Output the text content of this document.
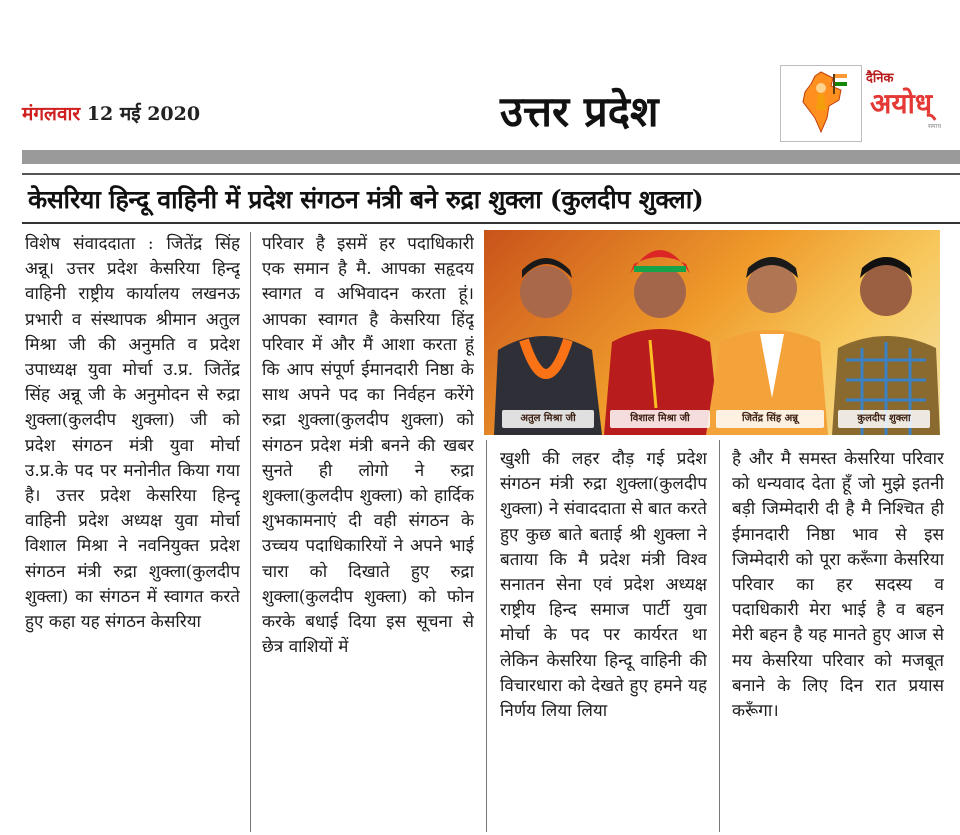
मंगलवार 12 मई 2020	उत्तर प्रदेश
दैनिक
अयोध्
समाच
केसरिया हिन्दू वाहिनी में प्रदेश संगठन मंत्री बने रुद्रा शुक्ला (कुलदीप शुक्ला)
अतुल मिश्रा जी	विशाल मिश्रा जी	जितेंद्र सिंह अन्नू	कुलदीप शुक्ला

विशेष संवाददाता : जितेंद्र सिंह अन्नू। उत्तर प्रदेश केसरिया हिन्दू वाहिनी राष्ट्रीय कार्यालय लखनऊ प्रभारी व संस्थापक श्रीमान अतुल मिश्रा जी की अनुमति व प्रदेश उपाध्यक्ष युवा मोर्चा उ.प्र. जितेंद्र सिंह अन्नू जी के अनुमोदन से रुद्रा शुक्ला(कुलदीप शुक्ला) जी को प्रदेश संगठन मंत्री युवा मोर्चा उ.प्र.के पद पर मनोनीत किया गया है। उत्तर प्रदेश केसरिया हिन्दू वाहिनी प्रदेश अध्यक्ष युवा मोर्चा विशाल मिश्रा ने नवनियुक्त प्रदेश संगठन मंत्री रुद्रा शुक्ला(कुलदीप शुक्ला) का संगठन में स्वागत करते हुए कहा यह संगठन केसरिया

परिवार है इसमें हर पदाधिकारी एक समान है मै. आपका सहृदय स्वागत व अभिवादन करता हूं। आपका स्वागत है केसरिया हिंदू परिवार में और मैं आशा करता हूं कि आप संपूर्ण ईमानदारी निष्ठा के साथ अपने पद का निर्वहन करेंगे रुद्रा शुक्ला(कुलदीप शुक्ला) को संगठन प्रदेश मंत्री बनने की खबर सुनते ही लोगो ने रुद्रा शुक्ला(कुलदीप शुक्ला) को हार्दिक शुभकामनाएं दी वही संगठन के उच्चय पदाधिकारियों ने अपने भाई चारा को दिखाते हुए रुद्रा शुक्ला(कुलदीप शुक्ला) को फोन करके बधाई दिया इस सूचना से छेत्र वाशियों में

खुशी की लहर दौड़ गई प्रदेश संगठन मंत्री रुद्रा शुक्ला(कुलदीप शुक्ला) ने संवाददाता से बात करते हुए कुछ बाते बताई श्री शुक्ला ने बताया कि मै प्रदेश मंत्री विश्व सनातन सेना एवं प्रदेश अध्यक्ष राष्ट्रीय हिन्द समाज पार्टी युवा मोर्चा के पद पर कार्यरत था लेकिन केसरिया हिन्दू वाहिनी की विचारधारा को देखते हुए हमने यह निर्णय लिया लिया

है और मै समस्त केसरिया परिवार को धन्यवाद देता हूँ जो मुझे इतनी बड़ी जिम्मेदारी दी है मै निश्चित ही ईमानदारी निष्ठा भाव से इस जिम्मेदारी को पूरा करूँगा केसरिया परिवार का हर सदस्य व पदाधिकारी मेरा भाई है व बहन मेरी बहन है यह मानते हुए आज से मय केसरिया परिवार को मजबूत बनाने के लिए दिन रात प्रयास करूँगा।
